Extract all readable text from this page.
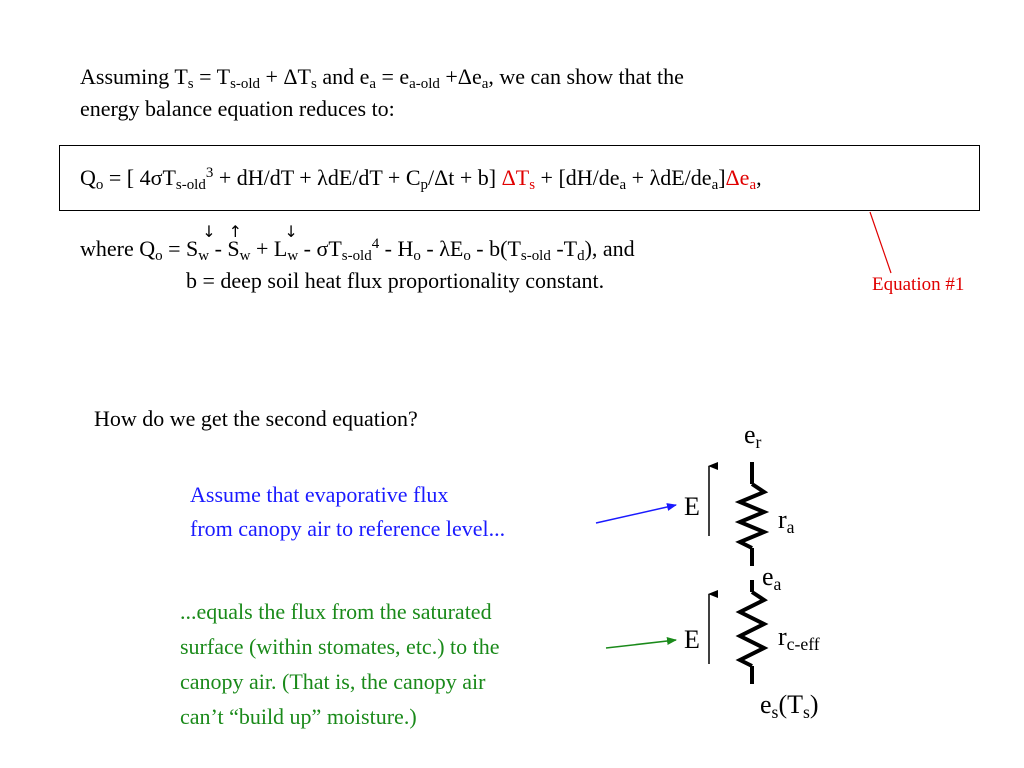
Assuming $T_s = T_{s-old} + \Delta T_s$ and $e_a = e_{a-old} +\Delta e_a$, we can show that the
energy balance equation reduces to:
$Q_o$ = [ $4\sigma T_{s-old}^3 + dH/dT + \lambda dE/dT + C_p/\Delta t + b$] $\Delta T_s + [dH/de_a + \lambda dE/de_a]\Delta e_a$,
where $Q_o = S$
↓
$_w$ - S
↑
$_w$ + L
↓
$_w - \sigma T_{s-old}^4 - H_o - \lambda E_o - b(T_{s-old}$ $-T_d$), and
b = deep soil heat flux proportionality constant.	Equation #1
How do we get the second equation?
Assume that evaporative flux
from canopy air to reference level...
...equals the flux from the saturated
surface (within stomates, etc.) to the
canopy air. (That is, the canopy air
can’t “build up” moisture.)
$e_r$
E	$r_a$
$e_a$
E	$r_{c-eff}$
$e_s(T_s)$
